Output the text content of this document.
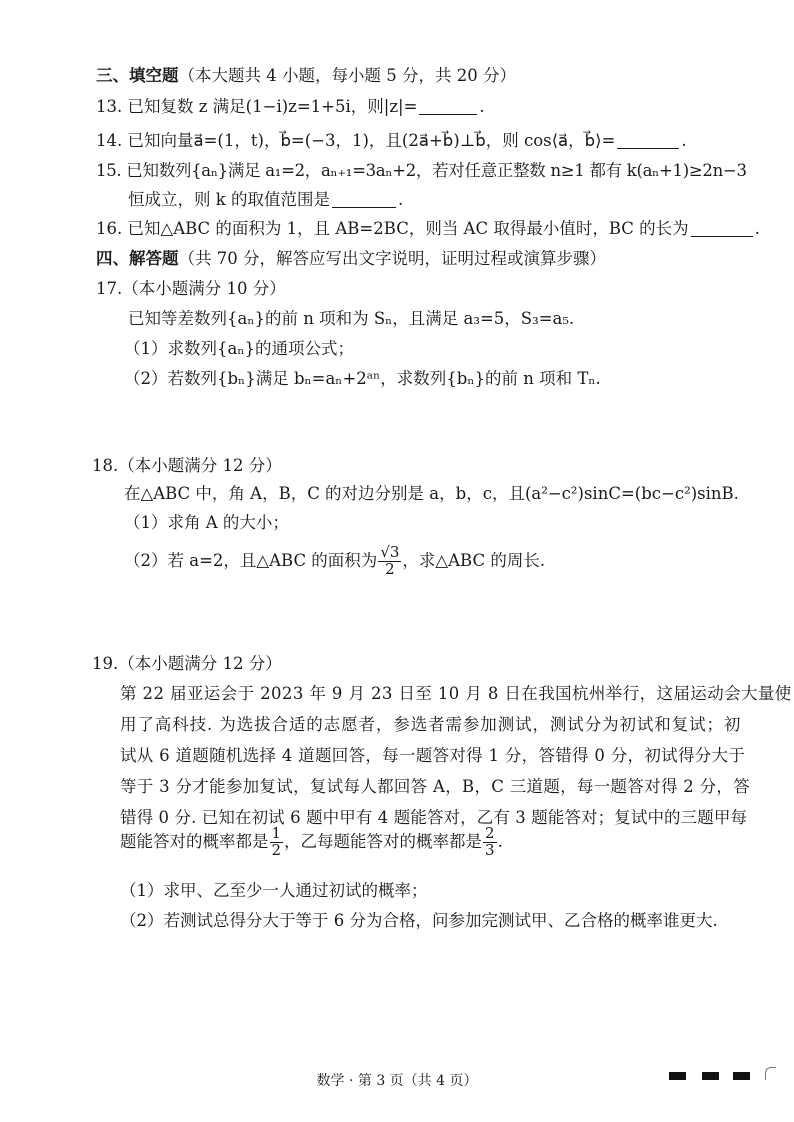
三、填空题（本大题共 4 小题，每小题 5 分，共 20 分）
13. 已知复数 z 满足(1−i)z=1+5i，则|z|=	.
14. 已知向量a⃗=(1，t)，b⃗=(−3，1)，且(2a⃗+b⃗)⊥b⃗，则 cos⟨a⃗，b⃗⟩=	.
15. 已知数列{aₙ}满足 a₁=2，aₙ₊₁=3aₙ+2，若对任意正整数 n≥1 都有 k(aₙ+1)≥2n−3
恒成立，则 k 的取值范围是	.
16. 已知△ABC 的面积为 1，且 AB=2BC，则当 AC 取得最小值时，BC 的长为	.
四、解答题（共 70 分，解答应写出文字说明，证明过程或演算步骤）
17.（本小题满分 10 分）
已知等差数列{aₙ}的前 n 项和为 Sₙ，且满足 a₃=5，S₃=a₅.
（1）求数列{aₙ}的通项公式；
（2）若数列{bₙ}满足 bₙ=aₙ+2ᵃⁿ，求数列{bₙ}的前 n 项和 Tₙ.
18.（本小题满分 12 分）
在△ABC 中，角 A，B，C 的对边分别是 a，b，c，且(a²−c²)sinC=(bc−c²)sinB.
（1）求角 A 的大小；
（2）若 a=2，且△ABC 的面积为 $\frac{√3}{2}$ ，求△ABC 的周长.
19.（本小题满分 12 分）
第 22 届亚运会于 2023 年 9 月 23 日至 10 月 8 日在我国杭州举行，这届运动会大量使
用了高科技. 为选拔合适的志愿者，参选者需参加测试，测试分为初试和复试；初
试从 6 道题随机选择 4 道题回答，每一题答对得 1 分，答错得 0 分，初试得分大于
等于 3 分才能参加复试，复试每人都回答 A，B，C 三道题，每一题答对得 2 分，答
错得 0 分. 已知在初试 6 题中甲有 4 题能答对，乙有 3 题能答对；复试中的三题甲每
题能答对的概率都是 $\frac{1}{2}$ ，乙每题能答对的概率都是 $\frac{2}{3}$ .
（1）求甲、乙至少一人通过初试的概率；
（2）若测试总得分大于等于 6 分为合格，问参加完测试甲、乙合格的概率谁更大.
数学 · 第 3 页（共 4 页）
